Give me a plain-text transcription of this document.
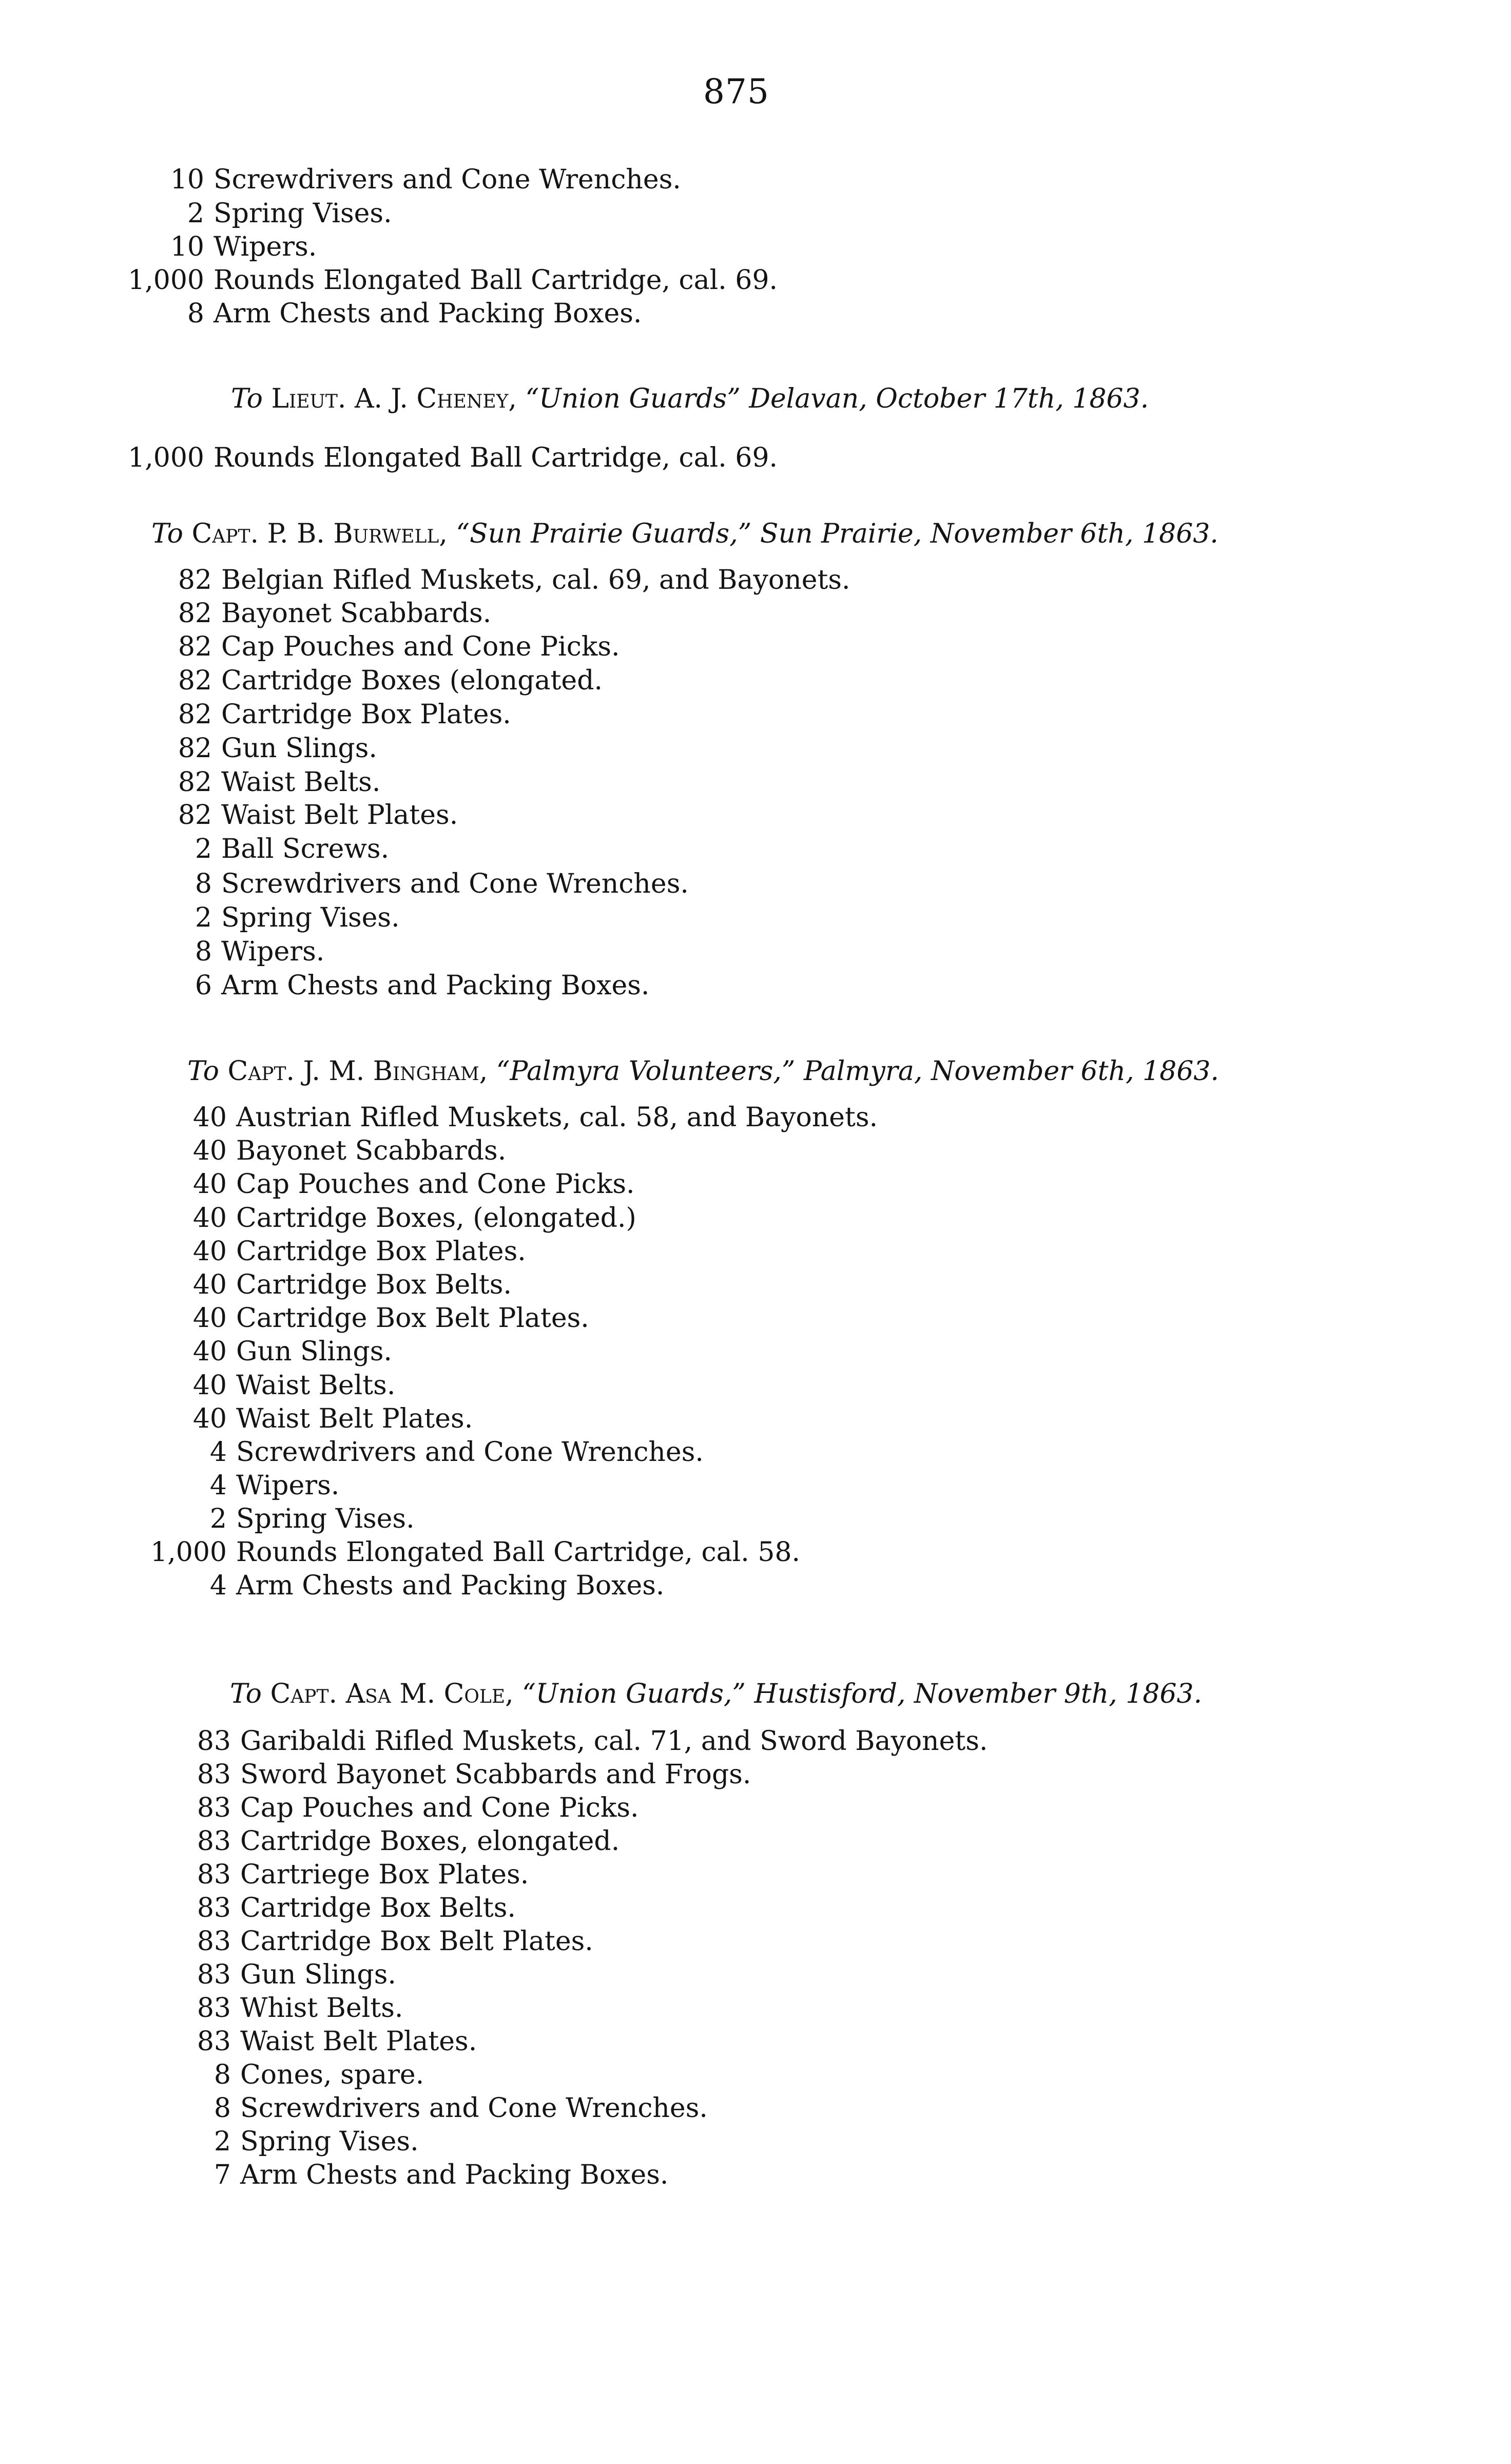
875
10 Screwdrivers and Cone Wrenches.
2 Spring Vises.
10 Wipers.
1,000 Rounds Elongated Ball Cartridge, cal. 69.
8 Arm Chests and Packing Boxes.
To Lieut. A. J. Cheney, “Union Guards” Delavan, October 17th, 1863.
1,000 Rounds Elongated Ball Cartridge, cal. 69.
To Capt. P. B. Burwell, “Sun Prairie Guards,” Sun Prairie, November 6th, 1863.
82 Belgian Rifled Muskets, cal. 69, and Bayonets.
82 Bayonet Scabbards.
82 Cap Pouches and Cone Picks.
82 Cartridge Boxes (elongated.
82 Cartridge Box Plates.
82 Gun Slings.
82 Waist Belts.
82 Waist Belt Plates.
2 Ball Screws.
8 Screwdrivers and Cone Wrenches.
2 Spring Vises.
8 Wipers.
6 Arm Chests and Packing Boxes.
To Capt. J. M. Bingham, “Palmyra Volunteers,” Palmyra, November 6th, 1863.
40 Austrian Rifled Muskets, cal. 58, and Bayonets.
40 Bayonet Scabbards.
40 Cap Pouches and Cone Picks.
40 Cartridge Boxes, (elongated.)
40 Cartridge Box Plates.
40 Cartridge Box Belts.
40 Cartridge Box Belt Plates.
40 Gun Slings.
40 Waist Belts.
40 Waist Belt Plates.
4 Screwdrivers and Cone Wrenches.
4 Wipers.
2 Spring Vises.
1,000 Rounds Elongated Ball Cartridge, cal. 58.
4 Arm Chests and Packing Boxes.
To Capt. Asa M. Cole, “Union Guards,” Hustisford, November 9th, 1863.
83 Garibaldi Rifled Muskets, cal. 71, and Sword Bayonets.
83 Sword Bayonet Scabbards and Frogs.
83 Cap Pouches and Cone Picks.
83 Cartridge Boxes, elongated.
83 Cartriege Box Plates.
83 Cartridge Box Belts.
83 Cartridge Box Belt Plates.
83 Gun Slings.
83 Whist Belts.
83 Waist Belt Plates.
8 Cones, spare.
8 Screwdrivers and Cone Wrenches.
2 Spring Vises.
7 Arm Chests and Packing Boxes.
